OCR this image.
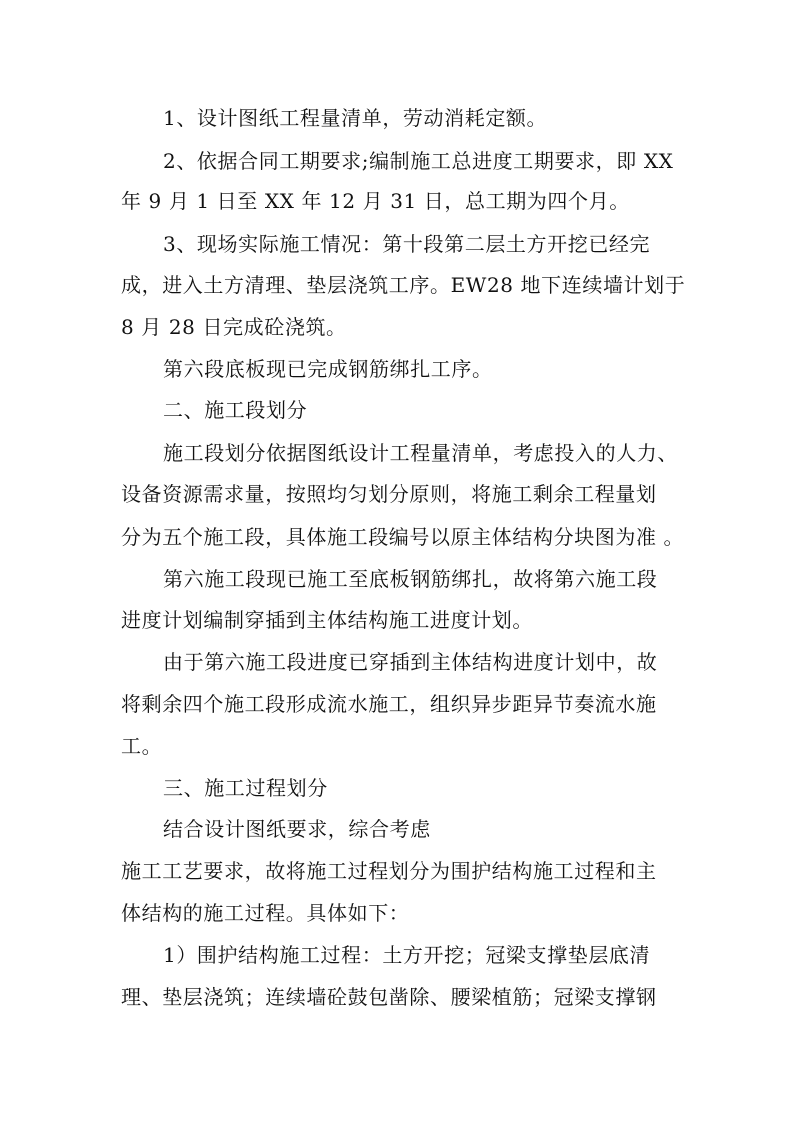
1、设计图纸工程量清单，劳动消耗定额。
2、依据合同工期要求;编制施工总进度工期要求，即 XX
年 9 月 1 日至 XX 年 12 月 31 日，总工期为四个月。
3、现场实际施工情况：第十段第二层土方开挖已经完
成，进入土方清理、垫层浇筑工序。EW28 地下连续墙计划于
8 月 28 日完成砼浇筑。
第六段底板现已完成钢筋绑扎工序。
二、施工段划分
施工段划分依据图纸设计工程量清单，考虑投入的人力、
设备资源需求量，按照均匀划分原则，将施工剩余工程量划
分为五个施工段，具体施工段编号以原主体结构分块图为准 。
第六施工段现已施工至底板钢筋绑扎，故将第六施工段
进度计划编制穿插到主体结构施工进度计划。
由于第六施工段进度已穿插到主体结构进度计划中，故
将剩余四个施工段形成流水施工，组织异步距异节奏流水施
工。
三、施工过程划分
结合设计图纸要求，综合考虑
施工工艺要求，故将施工过程划分为围护结构施工过程和主
体结构的施工过程。具体如下：
1）围护结构施工过程：土方开挖；冠梁支撑垫层底清
理、垫层浇筑；连续墙砼鼓包凿除、腰梁植筋；冠梁支撑钢
